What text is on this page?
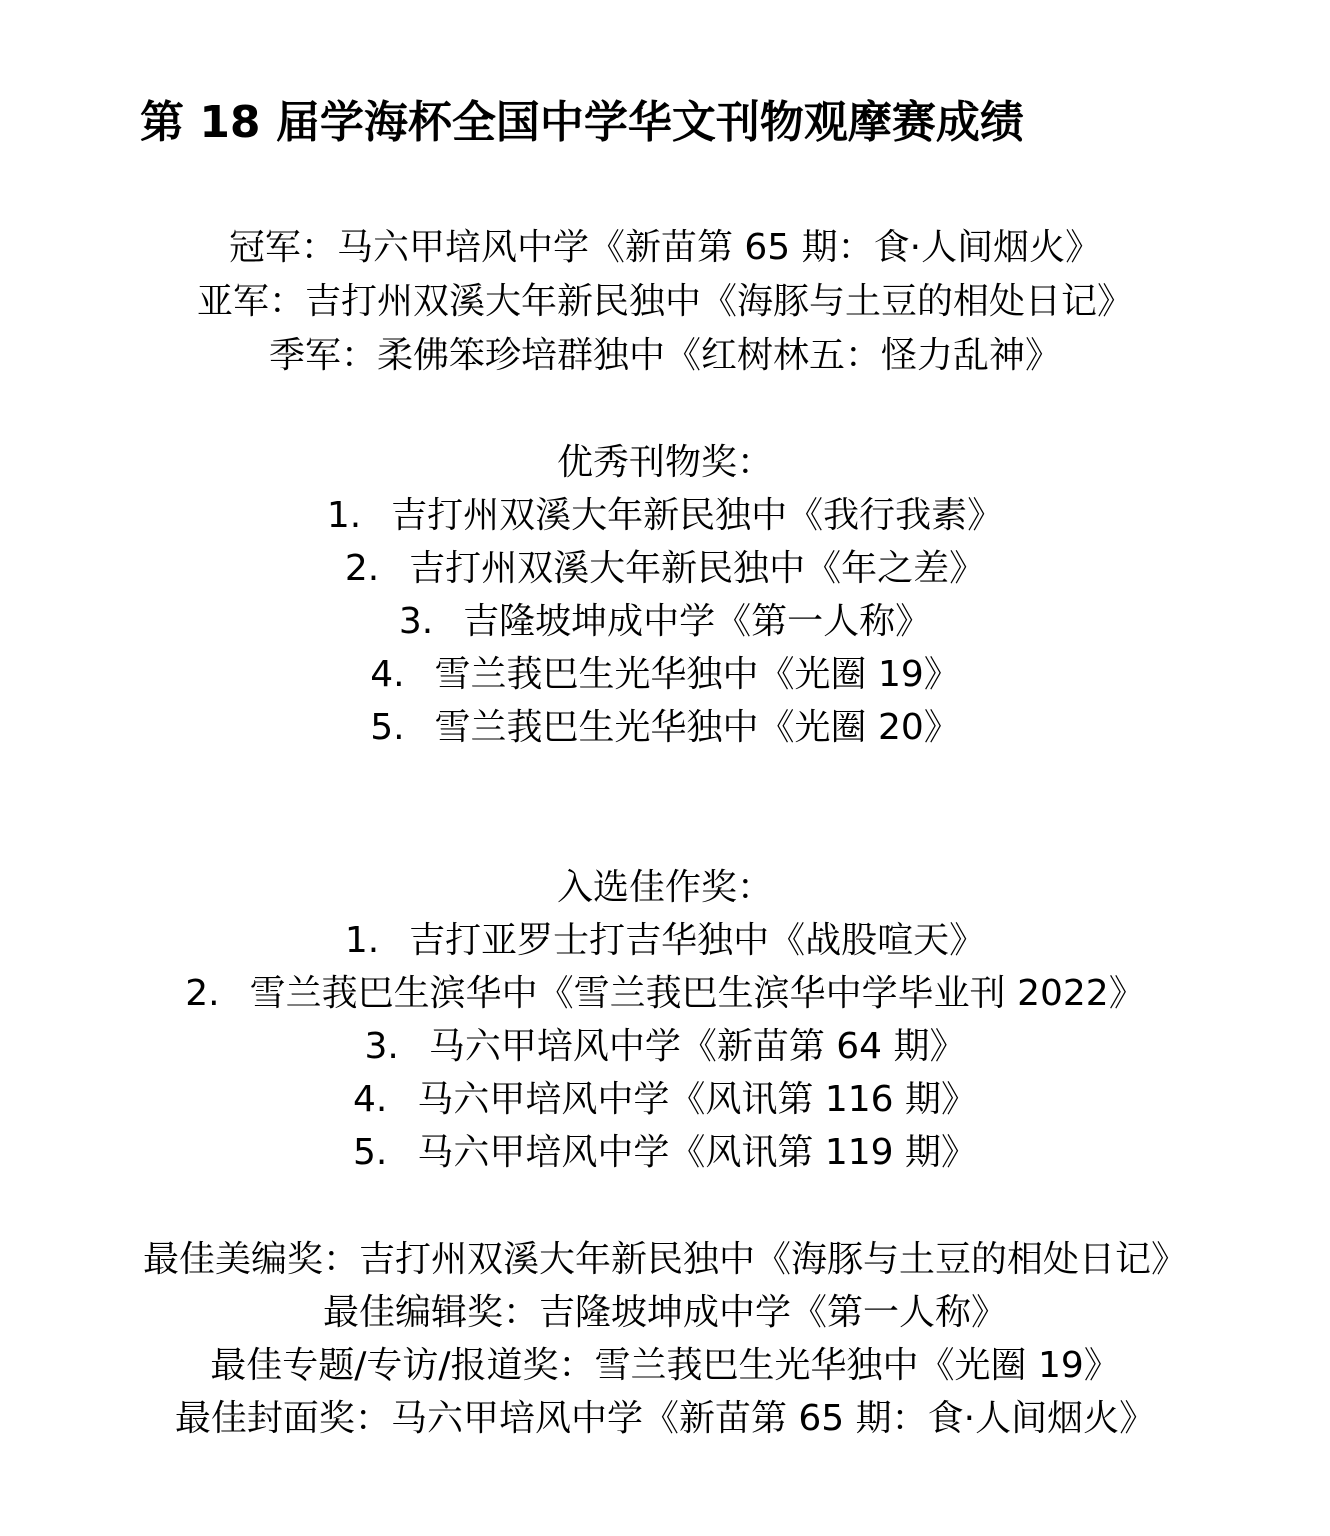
第 18 届学海杯全国中学华文刊物观摩赛成绩
冠军：马六甲培风中学《新苗第 65 期：食·人间烟火》
亚军：吉打州双溪大年新民独中《海豚与土豆的相处日记》
季军：柔佛笨珍培群独中《红树林五：怪力乱神》
优秀刊物奖：
1. 吉打州双溪大年新民独中《我行我素》
2. 吉打州双溪大年新民独中《年之差》
3. 吉隆坡坤成中学《第一人称》
4. 雪兰莪巴生光华独中《光圈 19》
5. 雪兰莪巴生光华独中《光圈 20》
入选佳作奖：
1. 吉打亚罗士打吉华独中《战股喧天》
2. 雪兰莪巴生滨华中《雪兰莪巴生滨华中学毕业刊 2022》
3. 马六甲培风中学《新苗第 64 期》
4. 马六甲培风中学《风讯第 116 期》
5. 马六甲培风中学《风讯第 119 期》
最佳美编奖：吉打州双溪大年新民独中《海豚与土豆的相处日记》
最佳编辑奖：吉隆坡坤成中学《第一人称》
最佳专题/专访/报道奖：雪兰莪巴生光华独中《光圈 19》
最佳封面奖：马六甲培风中学《新苗第 65 期：食·人间烟火》
